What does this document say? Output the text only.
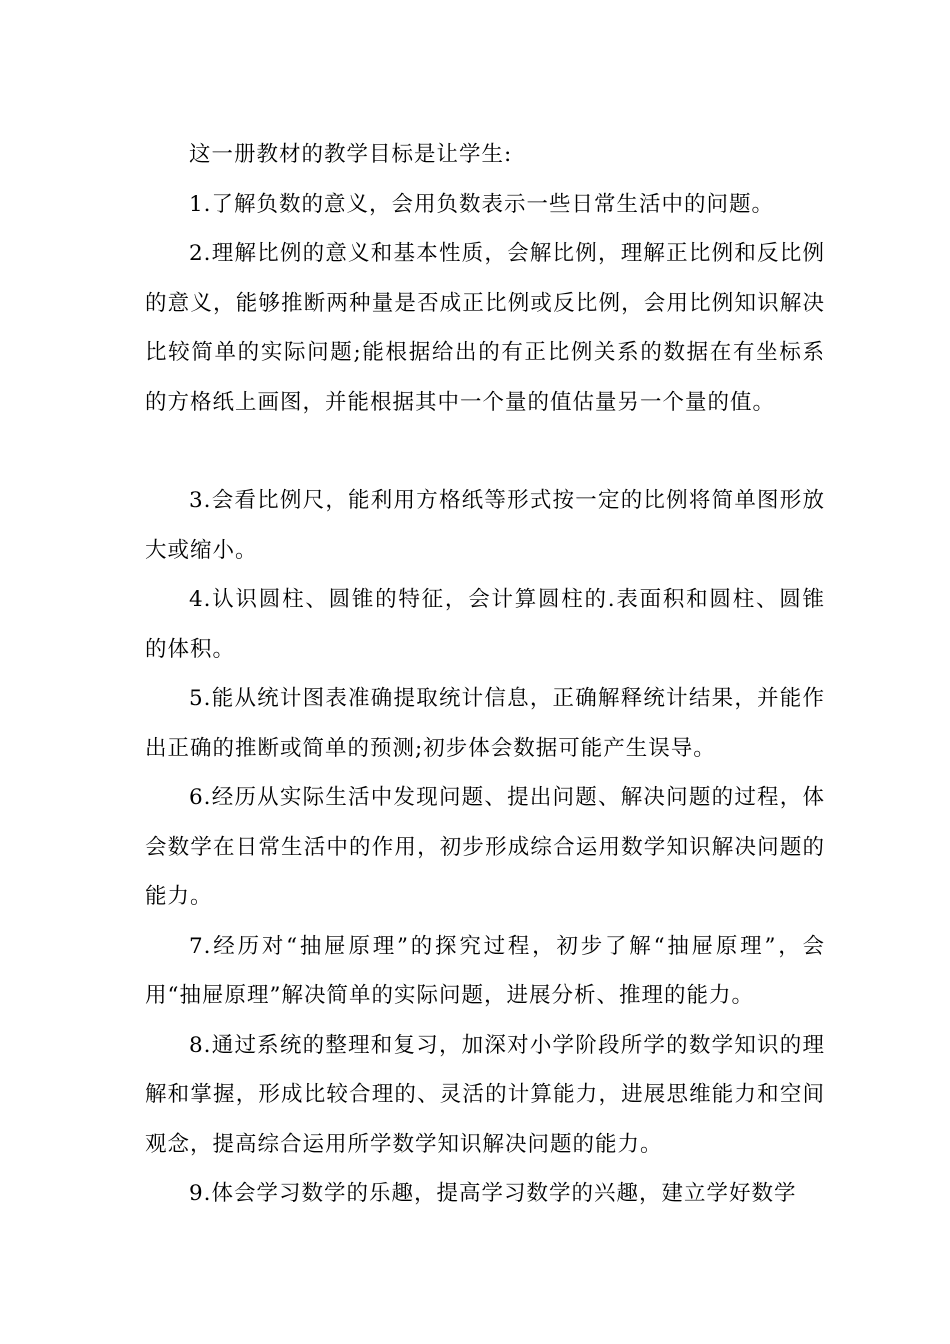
这一册教材的教学目标是让学生:

1.了解负数的意义，会用负数表示一些日常生活中的问题。

2.理解比例的意义和基本性质，会解比例，理解正比例和反比例的意义，能够推断两种量是否成正比例或反比例，会用比例知识解决比较简单的实际问题;能根据给出的有正比例关系的数据在有坐标系的方格纸上画图，并能根据其中一个量的值估量另一个量的值。

3.会看比例尺，能利用方格纸等形式按一定的比例将简单图形放大或缩小。

4.认识圆柱、圆锥的特征，会计算圆柱的.表面积和圆柱、圆锥的体积。

5.能从统计图表准确提取统计信息，正确解释统计结果，并能作出正确的推断或简单的预测;初步体会数据可能产生误导。

6.经历从实际生活中发现问题、提出问题、解决问题的过程，体会数学在日常生活中的作用，初步形成综合运用数学知识解决问题的能力。

7.经历对“抽屉原理”的探究过程，初步了解“抽屉原理”，会用“抽屉原理”解决简单的实际问题，进展分析、推理的能力。

8.通过系统的整理和复习，加深对小学阶段所学的数学知识的理解和掌握，形成比较合理的、灵活的计算能力，进展思维能力和空间观念，提高综合运用所学数学知识解决问题的能力。

9.体会学习数学的乐趣，提高学习数学的兴趣，建立学好数学
